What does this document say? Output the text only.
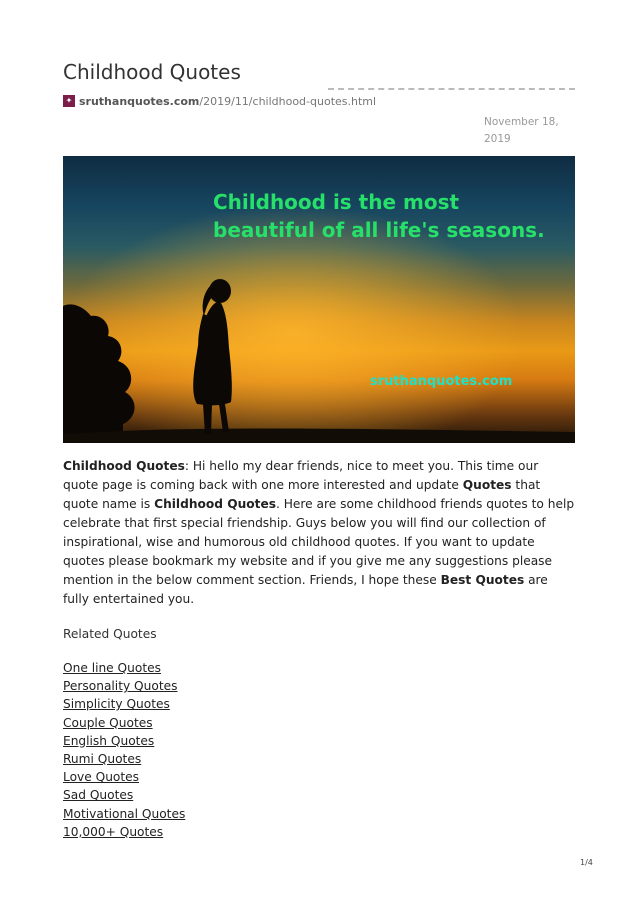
Childhood Quotes
✦ sruthanquotes.com /2019/11/childhood-quotes.html
November 18,
2019
Childhood is the most
beautiful of all life's seasons.
sruthanquotes.com

Childhood Quotes: Hi hello my dear friends, nice to meet you. This time our quote page is coming back with one more interested and update Quotes that quote name is Childhood Quotes. Here are some childhood friends quotes to help celebrate that first special friendship. Guys below you will find our collection of inspirational, wise and humorous old childhood quotes. If you want to update quotes please bookmark my website and if you give me any suggestions please mention in the below comment section. Friends, I hope these Best Quotes are fully entertained you.

Related Quotes
One line Quotes
Personality Quotes
Simplicity Quotes
Couple Quotes
English Quotes
Rumi Quotes
Love Quotes
Sad Quotes
Motivational Quotes
10,000+ Quotes
1/4
